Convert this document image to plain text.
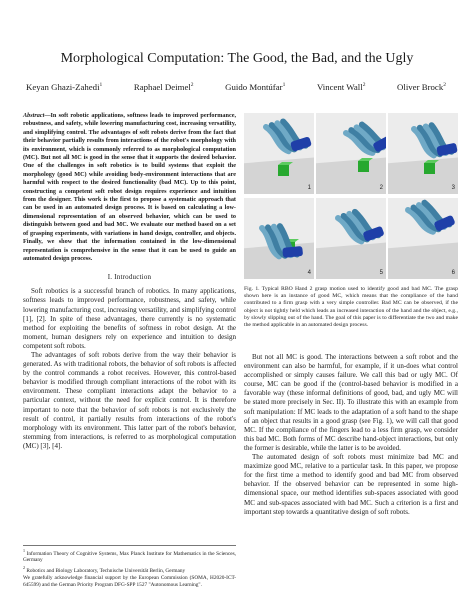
Morphological Computation: The Good, the Bad, and the Ugly
Keyan Ghazi-Zahedi$^1$	Raphael Deimel$^2$	Guido Montúfar$^1$	Vincent Wall$^2$	Oliver Brock$^2$

Abstract—In soft robotic applications, softness leads to improved performance, robustness, and safety, while lowering manufacturing cost, increasing versatility, and simplifying control. The advantages of soft robots derive from the fact that their behavior partially results from interactions of the robot's morphology with its environment, which is commonly referred to as morphological computation (MC). But not all MC is good in the sense that it supports the desired behavior. One of the challenges in soft robotics is to build systems that exploit the morphology (good MC) while avoiding body-environment interactions that are harmful with respect to the desired functionality (bad MC). Up to this point, constructing a competent soft robot design requires experience and intuition from the designer. This work is the first to propose a systematic approach that can be used in an automated design process. It is based on calculating a low-dimensional representation of an observed behavior, which can be used to distinguish between good and bad MC. We evaluate our method based on a set of grasping experiments, with variations in hand design, controller, and objects. Finally, we show that the information contained in the low-dimensional representation is comprehensive in the sense that it can be used to guide an automated design process.

I. Introduction

Soft robotics is a successful branch of robotics. In many applications, softness leads to improved performance, robustness, and safety, while lowering manufacturing cost, increasing versatility, and simplifying control [1], [2]. In spite of these advantages, there currently is no systematic method for exploiting the benefits of softness in robot design. At the moment, human designers rely on experience and intuition to design competent soft robots.

The advantages of soft robots derive from the way their behavior is generated. As with traditional robots, the behavior of soft robots is affected by the control commands a robot receives. However, this control-based behavior is modified through compliant interactions of the robot with its environment. These compliant interactions adapt the behavior to a particular context, without the need for explicit control. It is therefore important to note that the behavior of soft robots is not exclusively the result of control, it partially results from interactions of the robot's morphology with its environment. This latter part of the robot's behavior, stemming from interactions, is referred to as morphological computation (MC) [3], [4].

$^1$ Information Theory of Cognitive Systems, Max Planck Institute for Mathematics in the Sciences, Germany

$^2$ Robotics and Biology Laboratory, Technische Universität Berlin, Germany

We gratefully acknowledge financial support by the European Commission (SOMA, H2020-ICT-645599) and the German Priority Program DFG-SPP 1527 "Autonomous Learning".

1	2	3
4	5	6

Fig. 1. Typical RBO Hand 2 grasp motion used to identify good and bad MC. The grasp shown here is an instance of good MC, which means that the compliance of the hand contributed to a firm grasp with a very simple controller. Bad MC can be observed, if the object is not tightly held which leads an increased interaction of the hand and the object, e.g., by slowly slipping out of the hand. The goal of this paper is to differentiate the two and make the method applicable in an automated design process.

But not all MC is good. The interactions between a soft robot and the environment can also be harmful, for example, if it un-does what control accomplished or simply causes failure. We call this bad or ugly MC. Of course, MC can be good if the (control-based behavior is modified in a favorable way (these informal definitions of good, bad, and ugly MC will be stated more precisely in Sec. II). To illustrate this with an example from soft manipulation: If MC leads to the adaptation of a soft hand to the shape of an object that results in a good grasp (see Fig. 1), we will call that good MC. If the compliance of the fingers lead to a less firm grasp, we consider this bad MC. Both forms of MC describe hand-object interactions, but only the former is desirable, while the latter is to be avoided.

The automated design of soft robots must minimize bad MC and maximize good MC, relative to a particular task. In this paper, we propose for the first time a method to identify good and bad MC from observed behavior. If the observed behavior can be represented in some high-dimensional space, our method identifies sub-spaces associated with good MC and sub-spaces associated with bad MC. Such a criterion is a first and important step towards a quantitative design of soft robots.
